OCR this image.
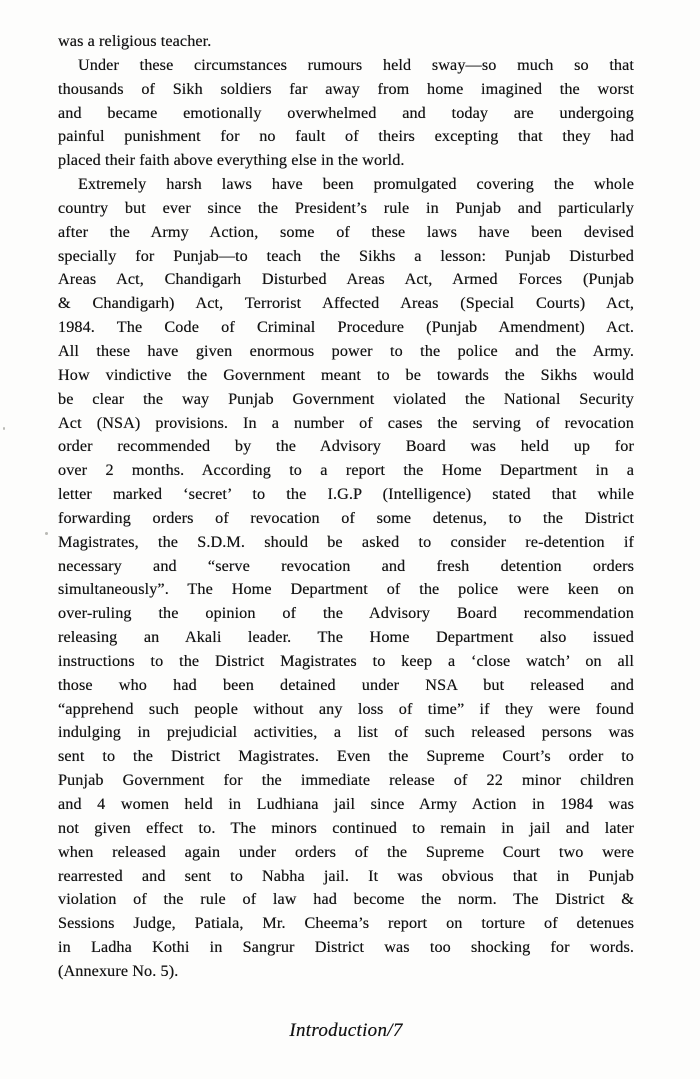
was a religious teacher.
Under these circumstances rumours held sway—so much so that
thousands of Sikh soldiers far away from home imagined the worst
and became emotionally overwhelmed and today are undergoing
painful punishment for no fault of theirs excepting that they had
placed their faith above everything else in the world.
Extremely harsh laws have been promulgated covering the whole
country but ever since the President’s rule in Punjab and particularly
after the Army Action, some of these laws have been devised
specially for Punjab—to teach the Sikhs a lesson: Punjab Disturbed
Areas Act, Chandigarh Disturbed Areas Act, Armed Forces (Punjab
& Chandigarh) Act, Terrorist Affected Areas (Special Courts) Act,
1984. The Code of Criminal Procedure (Punjab Amendment) Act.
All these have given enormous power to the police and the Army.
How vindictive the Government meant to be towards the Sikhs would
be clear the way Punjab Government violated the National Security
Act (NSA) provisions. In a number of cases the serving of revocation
order recommended by the Advisory Board was held up for
over 2 months. According to a report the Home Department in a
letter marked ‘secret’ to the I.G.P (Intelligence) stated that while
forwarding orders of revocation of some detenus, to the District
Magistrates, the S.D.M. should be asked to consider re-detention if
necessary and “serve revocation and fresh detention orders
simultaneously”. The Home Department of the police were keen on
over-ruling the opinion of the Advisory Board recommendation
releasing an Akali leader. The Home Department also issued
instructions to the District Magistrates to keep a ‘close watch’ on all
those who had been detained under NSA but released and
“apprehend such people without any loss of time” if they were found
indulging in prejudicial activities, a list of such released persons was
sent to the District Magistrates. Even the Supreme Court’s order to
Punjab Government for the immediate release of 22 minor children
and 4 women held in Ludhiana jail since Army Action in 1984 was
not given effect to. The minors continued to remain in jail and later
when released again under orders of the Supreme Court two were
rearrested and sent to Nabha jail. It was obvious that in Punjab
violation of the rule of law had become the norm. The District &
Sessions Judge, Patiala, Mr. Cheema’s report on torture of detenues
in Ladha Kothi in Sangrur District was too shocking for words.
(Annexure No. 5).
Introduction/7
